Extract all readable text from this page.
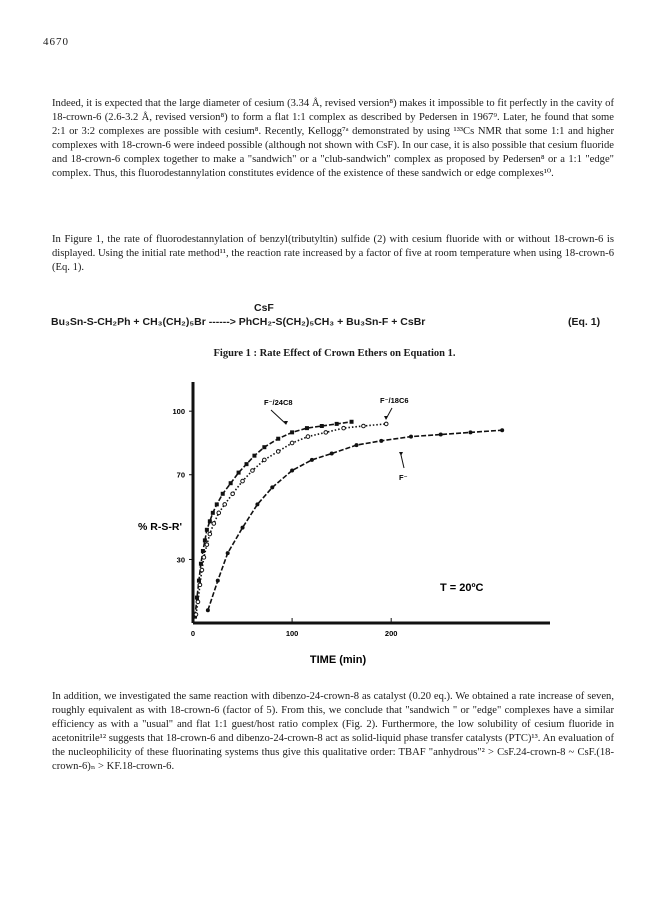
4670

Indeed, it is expected that the large diameter of cesium (3.34 Å, revised version⁸) makes it impossible to fit perfectly in the cavity of 18-crown-6 (2.6-3.2 Å, revised version⁸) to form a flat 1:1 complex as described by Pedersen in 1967⁹. Later, he found that some 2:1 or 3:2 complexes are possible with cesium⁸. Recently, Kellogg⁷ᵃ demonstrated by using ¹³³Cs NMR that some 1:1 and higher complexes with 18-crown-6 were indeed possible (although not shown with CsF). In our case, it is also possible that cesium fluoride and 18-crown-6 complex together to make a "sandwich" or a "club-sandwich" complex as proposed by Pedersen⁸ or a 1:1 "edge" complex. Thus, this fluorodestannylation constitutes evidence of the existence of these sandwich or edge complexes¹⁰.

In Figure 1, the rate of fluorodestannylation of benzyl(tributyltin) sulfide (2) with cesium fluoride with or without 18-crown-6 is displayed. Using the initial rate method¹¹, the reaction rate increased by a factor of five at room temperature when using 18-crown-6 (Eq. 1).

CsF
Bu₃Sn-S-CH₂Ph + CH₃(CH₂)₅Br ------> PhCH₂-S(CH₂)₅CH₃ + Bu₃Sn-F + CsBr	(Eq. 1)
Figure 1 : Rate Effect of Crown Ethers on Equation 1.
0	100	200
100
70
30
TIME (min)
% R-S-R'
T = 20ºC
F⁻/24C8	F⁻/18C6
F⁻

In addition, we investigated the same reaction with dibenzo-24-crown-8 as catalyst (0.20 eq.). We obtained a rate increase of seven, roughly equivalent as with 18-crown-6 (factor of 5). From this, we conclude that "sandwich " or "edge" complexes have a similar efficiency as with a "usual" and flat 1:1 guest/host ratio complex (Fig. 2). Furthermore, the low solubility of cesium fluoride in acetonitrile¹² suggests that 18-crown-6 and dibenzo-24-crown-8 act as solid-liquid phase transfer catalysts (PTC)¹³. An evaluation of the nucleophilicity of these fluorinating systems thus give this qualitative order: TBAF "anhydrous"² > CsF.24-crown-8 ~ CsF.(18-crown-6)ₙ > KF.18-crown-6.
